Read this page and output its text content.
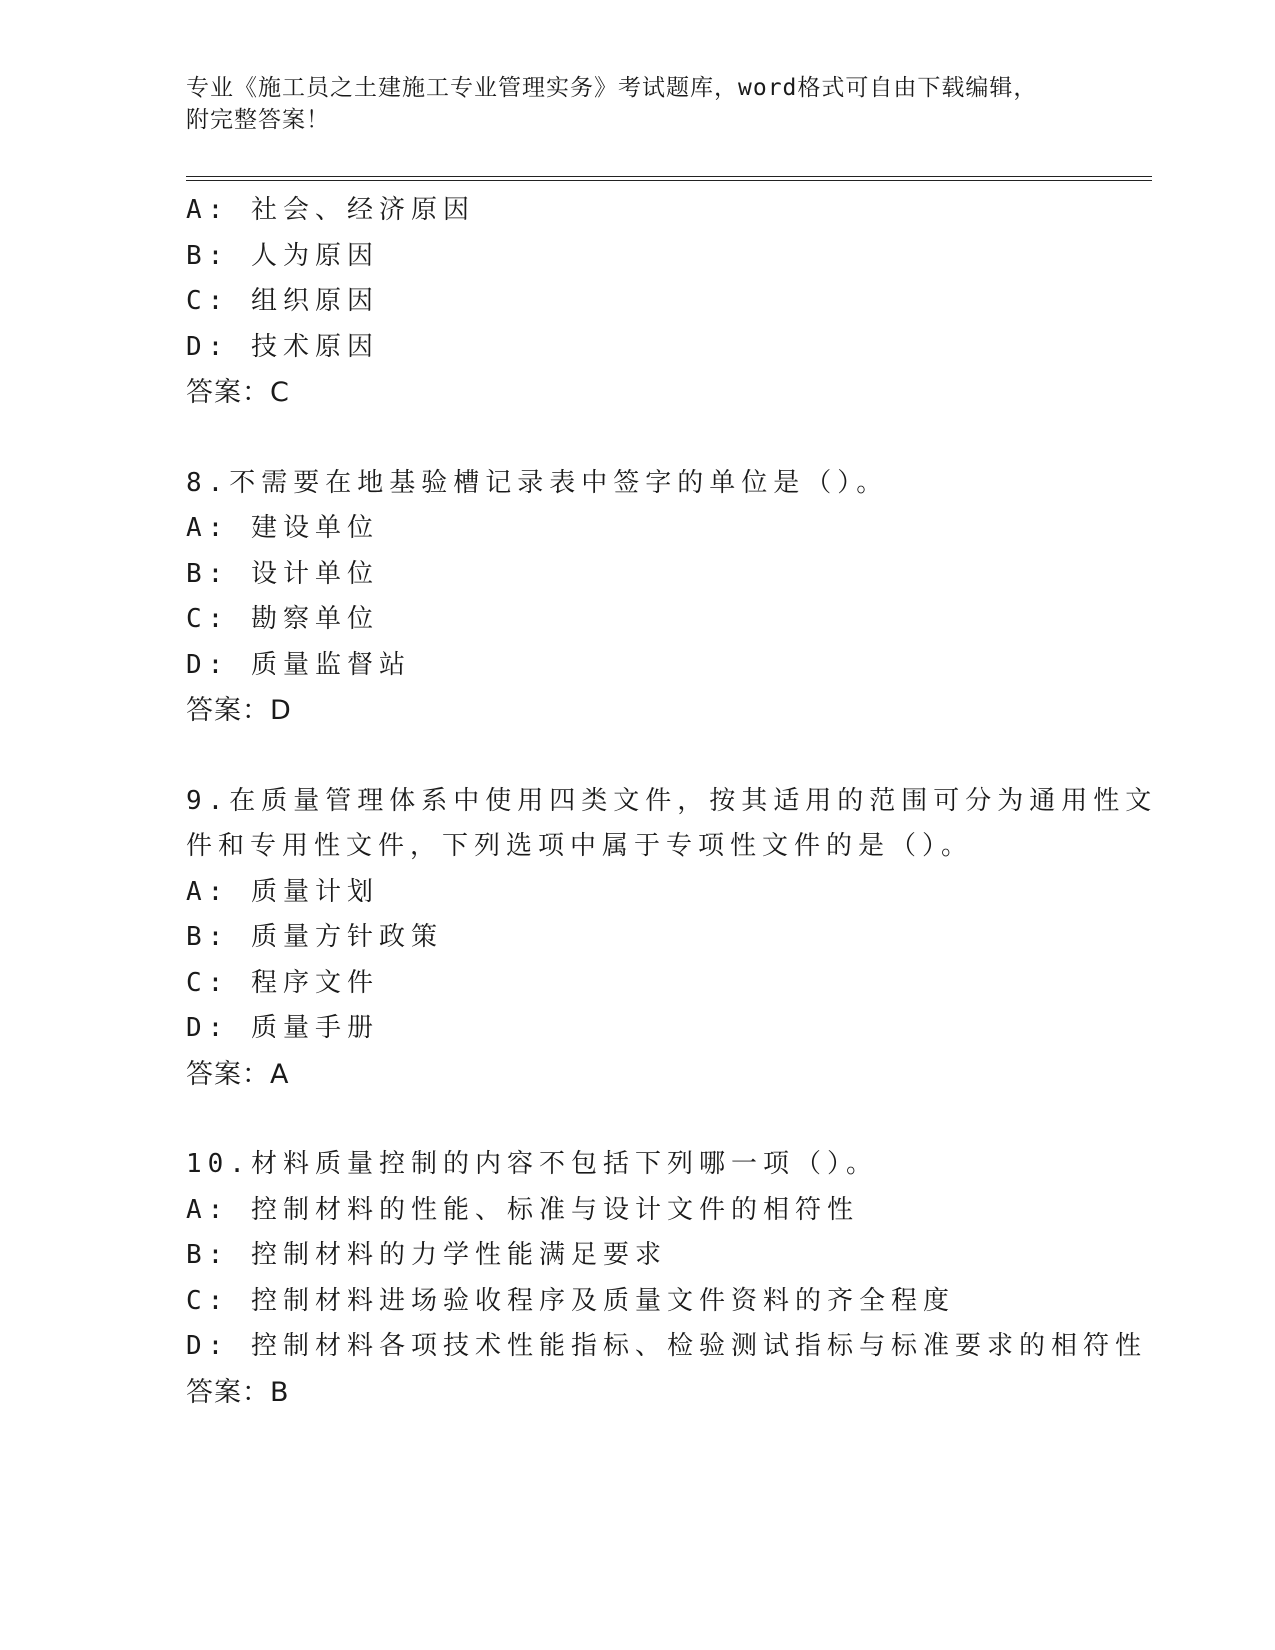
专业《施工员之土建施工专业管理实务》考试题库，word格式可自由下载编辑，
附完整答案！
A: 社会、经济原因
B: 人为原因
C: 组织原因
D: 技术原因
答案：C
8.不需要在地基验槽记录表中签字的单位是（）。
A: 建设单位
B: 设计单位
C: 勘察单位
D: 质量监督站
答案：D
9.在质量管理体系中使用四类文件，按其适用的范围可分为通用性文
件和专用性文件，下列选项中属于专项性文件的是（）。
A: 质量计划
B: 质量方针政策
C: 程序文件
D: 质量手册
答案：A
10.材料质量控制的内容不包括下列哪一项（）。
A: 控制材料的性能、标准与设计文件的相符性
B: 控制材料的力学性能满足要求
C: 控制材料进场验收程序及质量文件资料的齐全程度
D: 控制材料各项技术性能指标、检验测试指标与标准要求的相符性
答案：B
